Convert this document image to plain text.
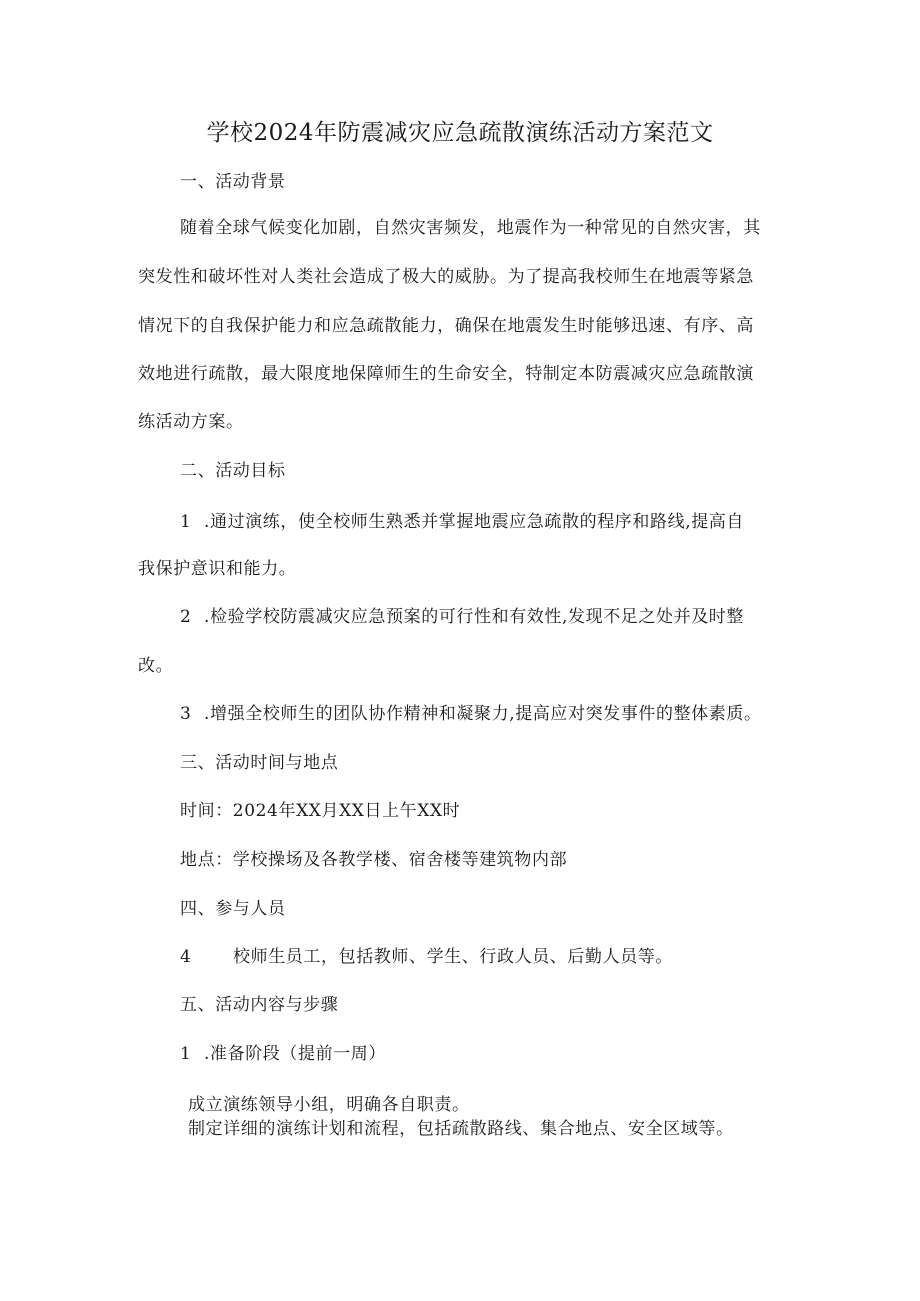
学校2024年防震减灾应急疏散演练活动方案范文
一、活动背景
随着全球气候变化加剧，自然灾害频发，地震作为一种常见的自然灾害，其
突发性和破坏性对人类社会造成了极大的威胁。为了提高我校师生在地震等紧急
情况下的自我保护能力和应急疏散能力，确保在地震发生时能够迅速、有序、高
效地进行疏散，最大限度地保障师生的生命安全，特制定本防震减灾应急疏散演
练活动方案。
二、活动目标
1 .通过演练，使全校师生熟悉并掌握地震应急疏散的程序和路线,提高自
我保护意识和能力。
2 .检验学校防震减灾应急预案的可行性和有效性,发现不足之处并及时整
改。
3 .增强全校师生的团队协作精神和凝聚力,提高应对突发事件的整体素质。
三、活动时间与地点
时间：2024年XX月XX日上午XX时
地点：学校操场及各教学楼、宿舍楼等建筑物内部
四、参与人员
4 校师生员工，包括教师、学生、行政人员、后勤人员等。
五、活动内容与步骤
1 .准备阶段（提前一周）
成立演练领导小组，明确各自职责。
制定详细的演练计划和流程，包括疏散路线、集合地点、安全区域等。
